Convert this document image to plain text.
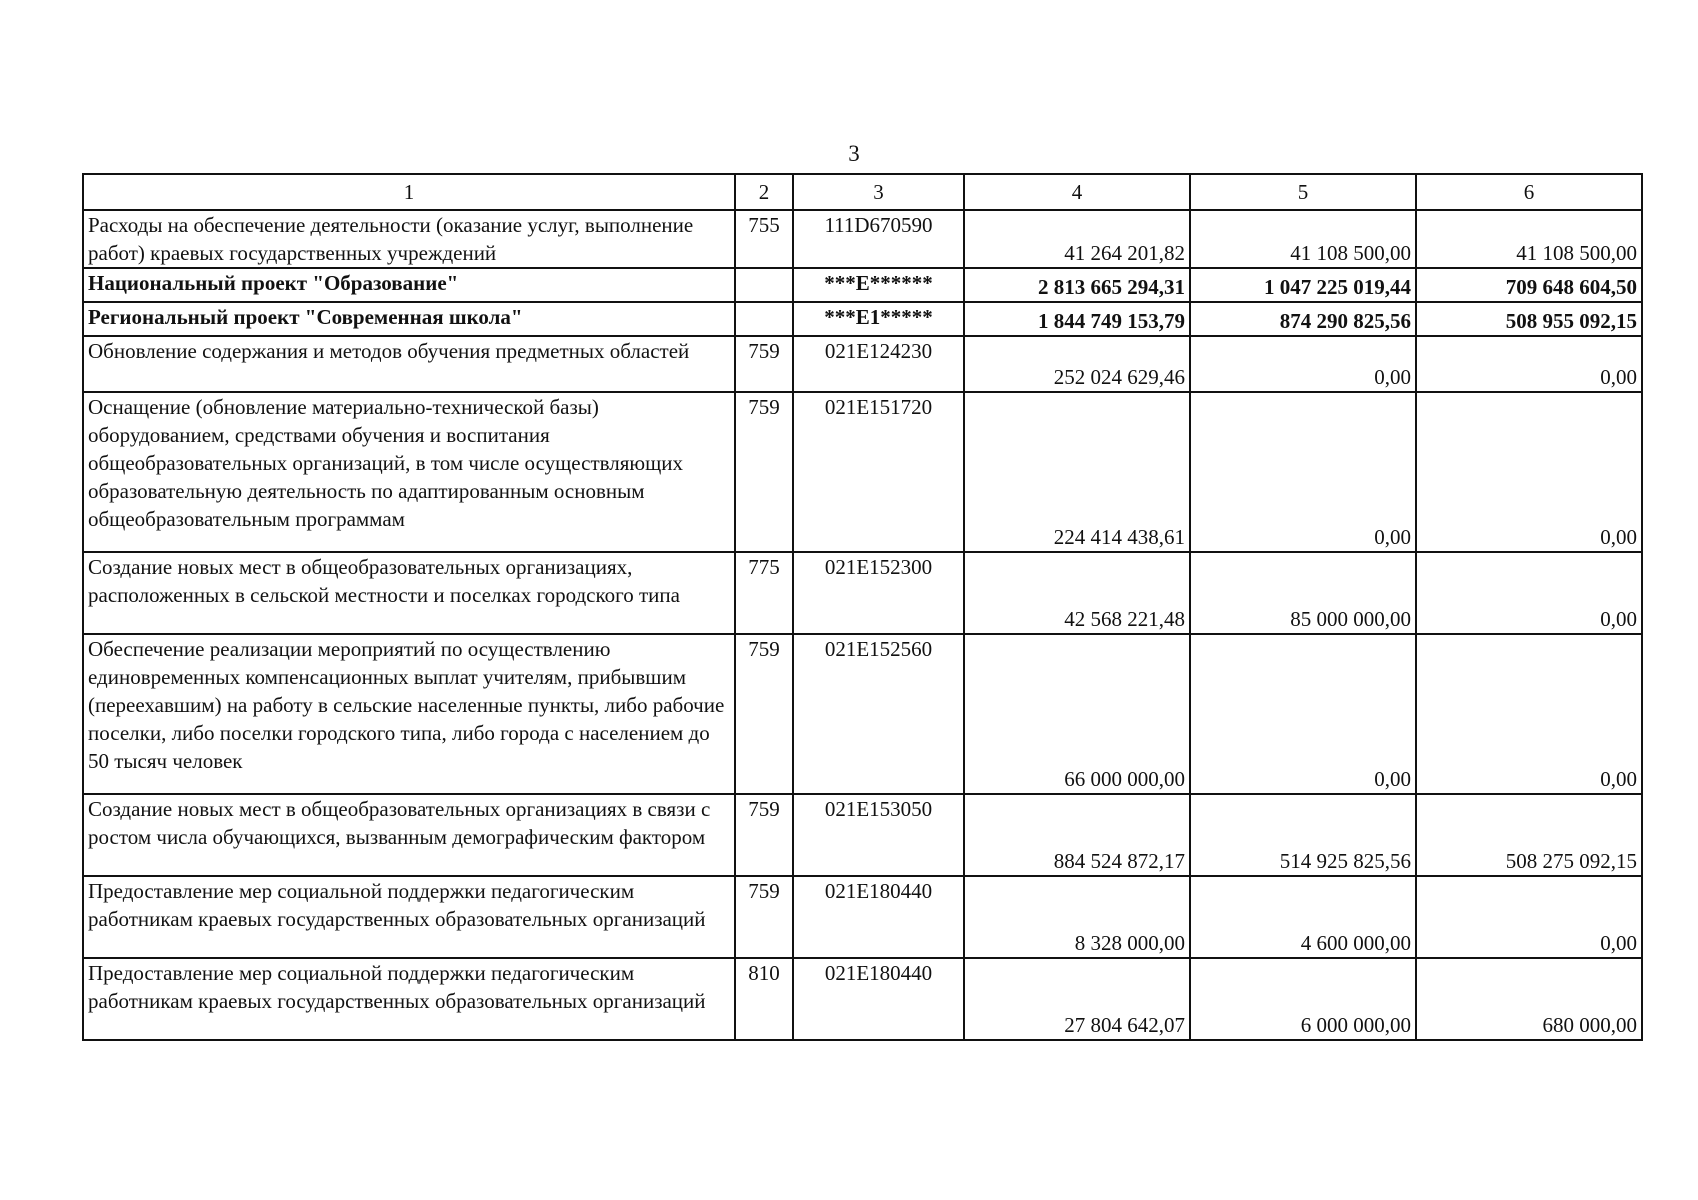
3
1	2	3	4	5	6
Расходы на обеспечение деятельности (оказание услуг, выполнение работ) краевых государственных учреждений	755	111D670590	41 264 201,82	41 108 500,00	41 108 500,00
Национальный проект "Образование"		***E******	2 813 665 294,31	1 047 225 019,44	709 648 604,50
Региональный проект "Современная школа"		***E1*****	1 844 749 153,79	874 290 825,56	508 955 092,15
Обновление содержания и методов обучения предметных областей	759	021E124230	252 024 629,46	0,00	0,00
Оснащение (обновление материально-технической базы) оборудованием, средствами обучения и воспитания общеобразовательных организаций, в том числе осуществляющих образовательную деятельность по адаптированным основным общеобразовательным программам	759	021E151720	224 414 438,61	0,00	0,00
Создание новых мест в общеобразовательных организациях, расположенных в сельской местности и поселках городского типа	775	021E152300	42 568 221,48	85 000 000,00	0,00
Обеспечение реализации мероприятий по осуществлению единовременных компенсационных выплат учителям, прибывшим (переехавшим) на работу в сельские населенные пункты, либо рабочие поселки, либо поселки городского типа, либо города с населением до 50 тысяч человек	759	021E152560	66 000 000,00	0,00	0,00
Создание новых мест в общеобразовательных организациях в связи с ростом числа обучающихся, вызванным демографическим фактором	759	021E153050	884 524 872,17	514 925 825,56	508 275 092,15
Предоставление мер социальной поддержки педагогическим работникам краевых государственных образовательных организаций	759	021E180440	8 328 000,00	4 600 000,00	0,00
Предоставление мер социальной поддержки педагогическим работникам краевых государственных образовательных организаций	810	021E180440	27 804 642,07	6 000 000,00	680 000,00
